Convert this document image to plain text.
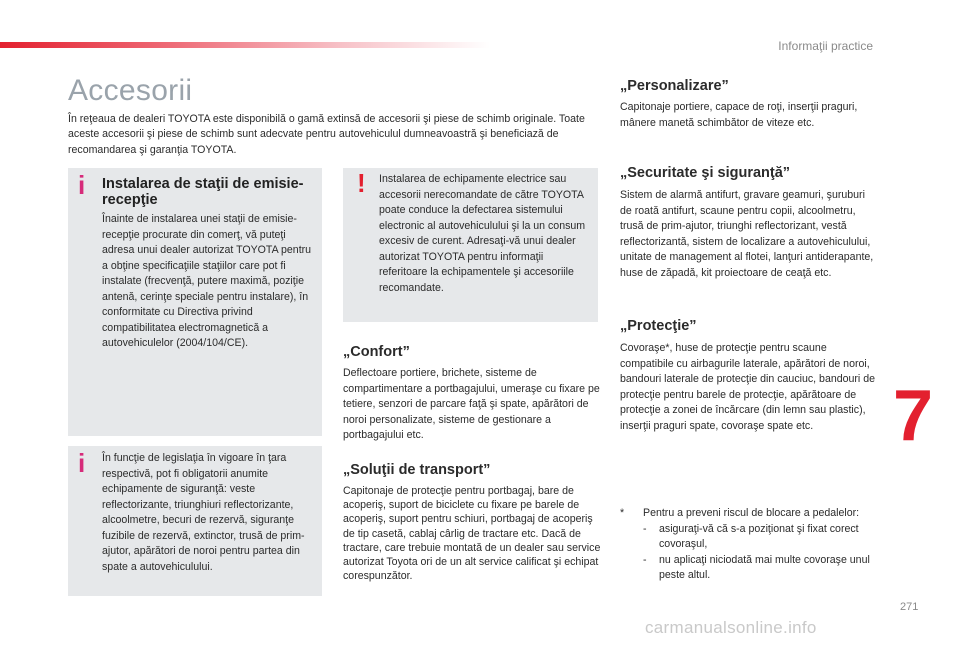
Informaţii practice
Accesorii

În reţeaua de dealeri TOYOTA este disponibilă o gamă extinsă de accesorii şi piese de schimb originale. Toate aceste accesorii şi piese de schimb sunt adecvate pentru autovehiculul dumneavoastră şi beneficiază de recomandarea şi garanţia TOYOTA.

i Instalarea de staţii de emisie-recepţie

Înainte de instalarea unei staţii de emisie-recepţie procurate din comerţ, vă puteţi adresa unui dealer autorizat TOYOTA pentru a obţine specificaţiile staţiilor care pot fi instalate (frecvenţă, putere maximă, poziţie antenă, cerinţe speciale pentru instalare), în conformitate cu Directiva privind compatibilitatea electromagnetică a autovehiculelor (2004/104/CE).

i În funcţie de legislaţia în vigoare în ţara respectivă, pot fi obligatorii anumite echipamente de siguranţă: veste reflectorizante, triunghiuri reflectorizante, alcoolmetre, becuri de rezervă, siguranţe fuzibile de rezervă, extinctor, trusă de prim-ajutor, apărători de noroi pentru partea din spate a autovehiculului.

! Instalarea de echipamente electrice sau accesorii nerecomandate de către TOYOTA poate conduce la defectarea sistemului electronic al autovehiculului şi la un consum excesiv de curent. Adresaţi-vă unui dealer autorizat TOYOTA pentru informaţii referitoare la echipamentele şi accesoriile recomandate.

„Confort”

Deflectoare portiere, brichete, sisteme de compartimentare a portbagajului, umeraşe cu fixare pe tetiere, senzori de parcare faţă şi spate, apărători de noroi personalizate, sisteme de gestionare a portbagajului etc.

„Soluţii de transport”

Capitonaje de protecţie pentru portbagaj, bare de acoperiş, suport de biciclete cu fixare pe barele de acoperiş, suport pentru schiuri, portbagaj de acoperiş de tip casetă, cablaj cârlig de tractare etc. Dacă de tractare, care trebuie montată de un dealer sau service autorizat Toyota ori de un alt service calificat şi echipat corespunzător.

„Personalizare”

Capitonaje portiere, capace de roţi, inserţii praguri, mânere manetă schimbător de viteze etc.

„Securitate şi siguranţă”

Sistem de alarmă antifurt, gravare geamuri, şuruburi de roată antifurt, scaune pentru copii, alcoolmetru, trusă de prim-ajutor, triunghi reflectorizant, vestă reflectorizantă, sistem de localizare a autovehiculului, unitate de management al flotei, lanţuri antiderapante, huse de zăpadă, kit proiectoare de ceaţă etc.

„Protecţie”

Covoraşe*, huse de protecţie pentru scaune compatibile cu airbagurile laterale, apărători de noroi, bandouri laterale de protecţie din cauciuc, bandouri de protecţie pentru barele de protecţie, apărătoare de protecţie a zonei de încărcare (din lemn sau plastic), inserţii praguri spate, covoraşe spate etc.	7
* Pentru a preveni riscul de blocare a pedalelor:
- asiguraţi-vă că s-a poziţionat şi fixat corect covoraşul,
- nu aplicaţi niciodată mai multe covoraşe unul peste altul.
271
carmanualsonline.info
